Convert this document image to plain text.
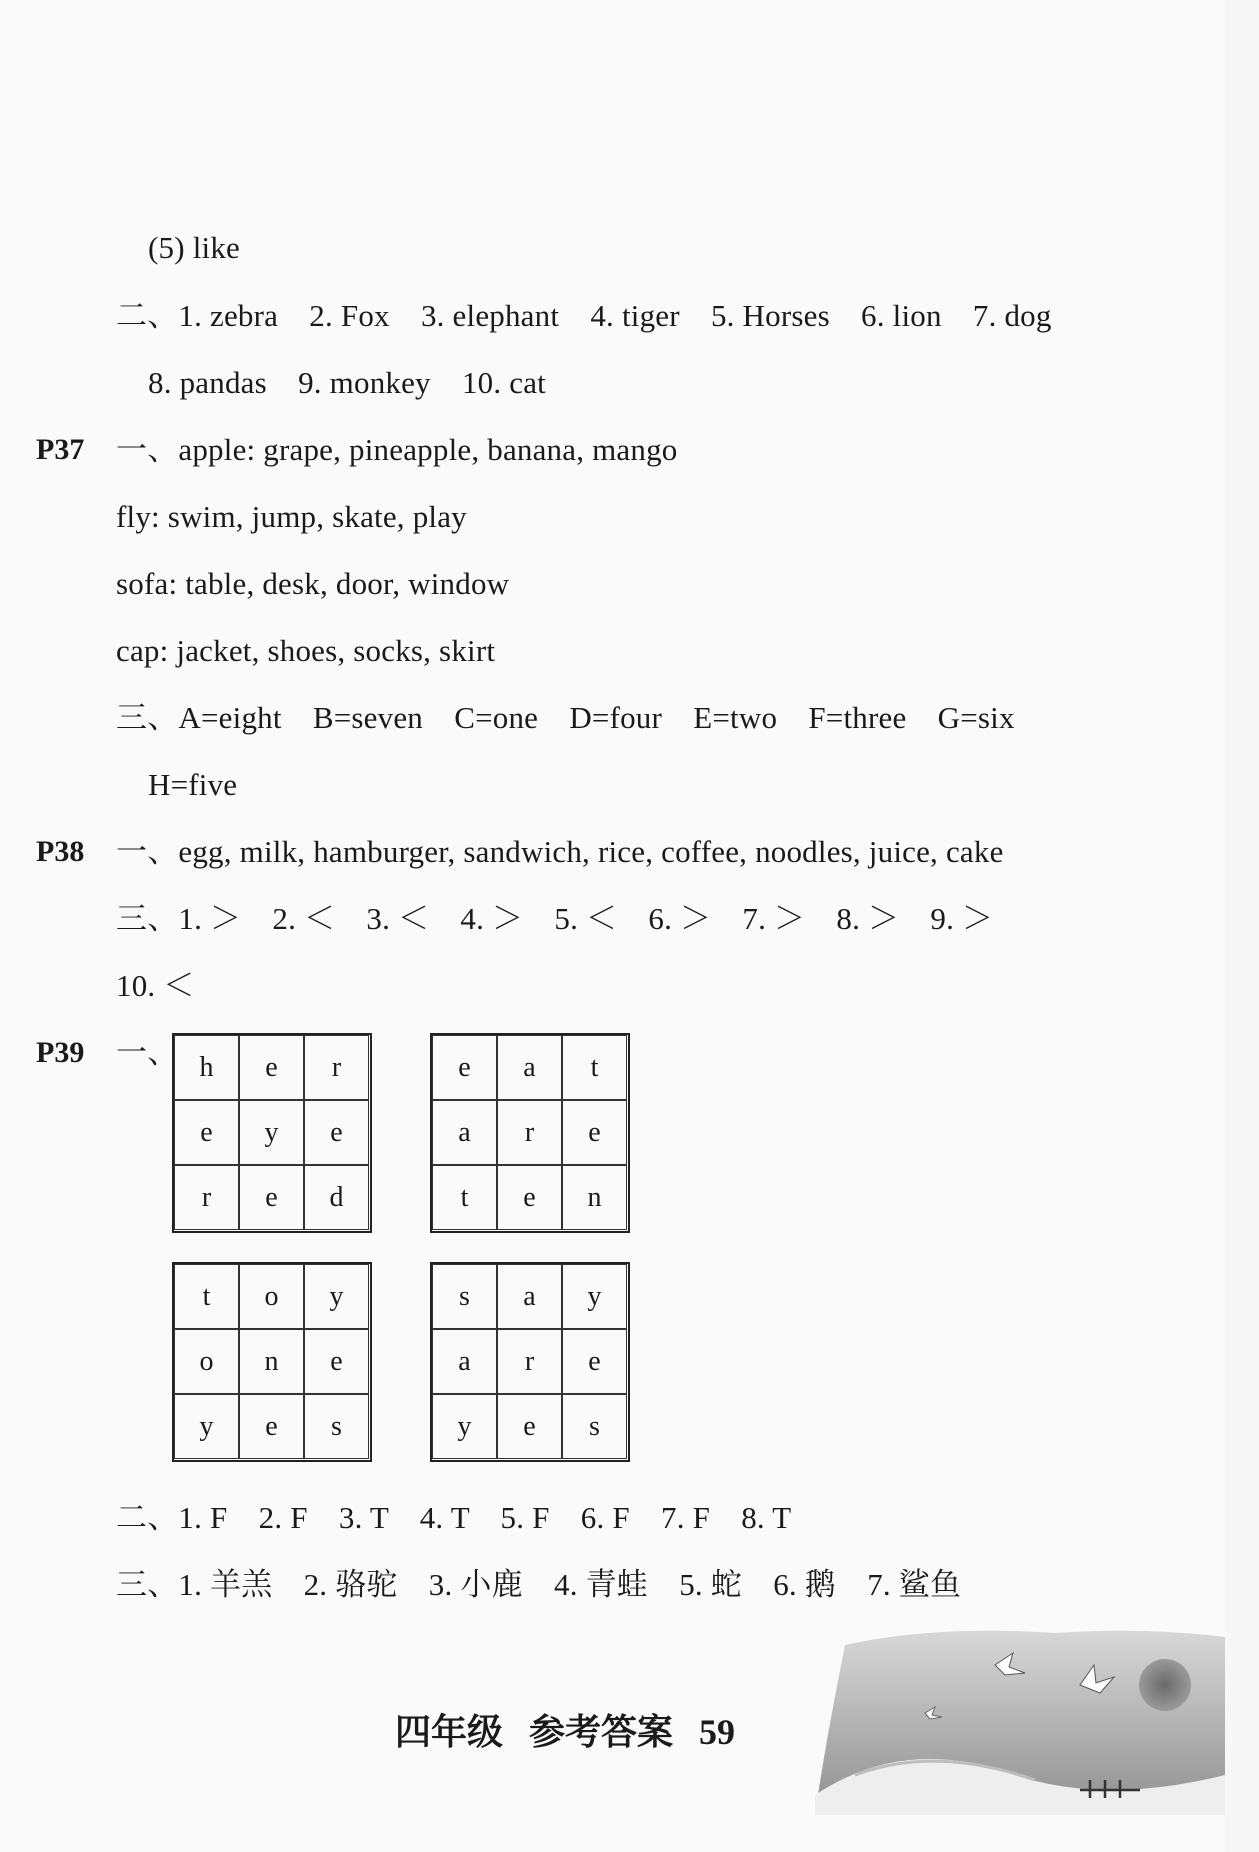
(5) like
二、1. zebra　2. Fox　3. elephant　4. tiger　5. Horses　6. lion　7. dog
8. pandas　9. monkey　10. cat
P37 一、apple: grape, pineapple, banana, mango
fly: swim, jump, skate, play
sofa: table, desk, door, window
cap: jacket, shoes, socks, skirt
三、A=eight　B=seven　C=one　D=four　E=two　F=three　G=six
H=five
P38 一、egg, milk, hamburger, sandwich, rice, coffee, noodles, juice, cake
三、1. ＞　2. ＜　3. ＜　4. ＞　5. ＜　6. ＞　7. ＞　8. ＞　9. ＞
10. ＜
P39 一、 h	e	r
e	y	e
r	e	d
e	a	t
a	r	e
t	e	n
t	o	y
o	n	e
y	e	s
s	a	y
a	r	e
y	e	s
二、1. F　2. F　3. T　4. T　5. F　6. F　7. F　8. T
三、1. 羊羔　2. 骆驼　3. 小鹿　4. 青蛙　5. 蛇　6. 鹅　7. 鲨鱼
四年级 参考答案 59
